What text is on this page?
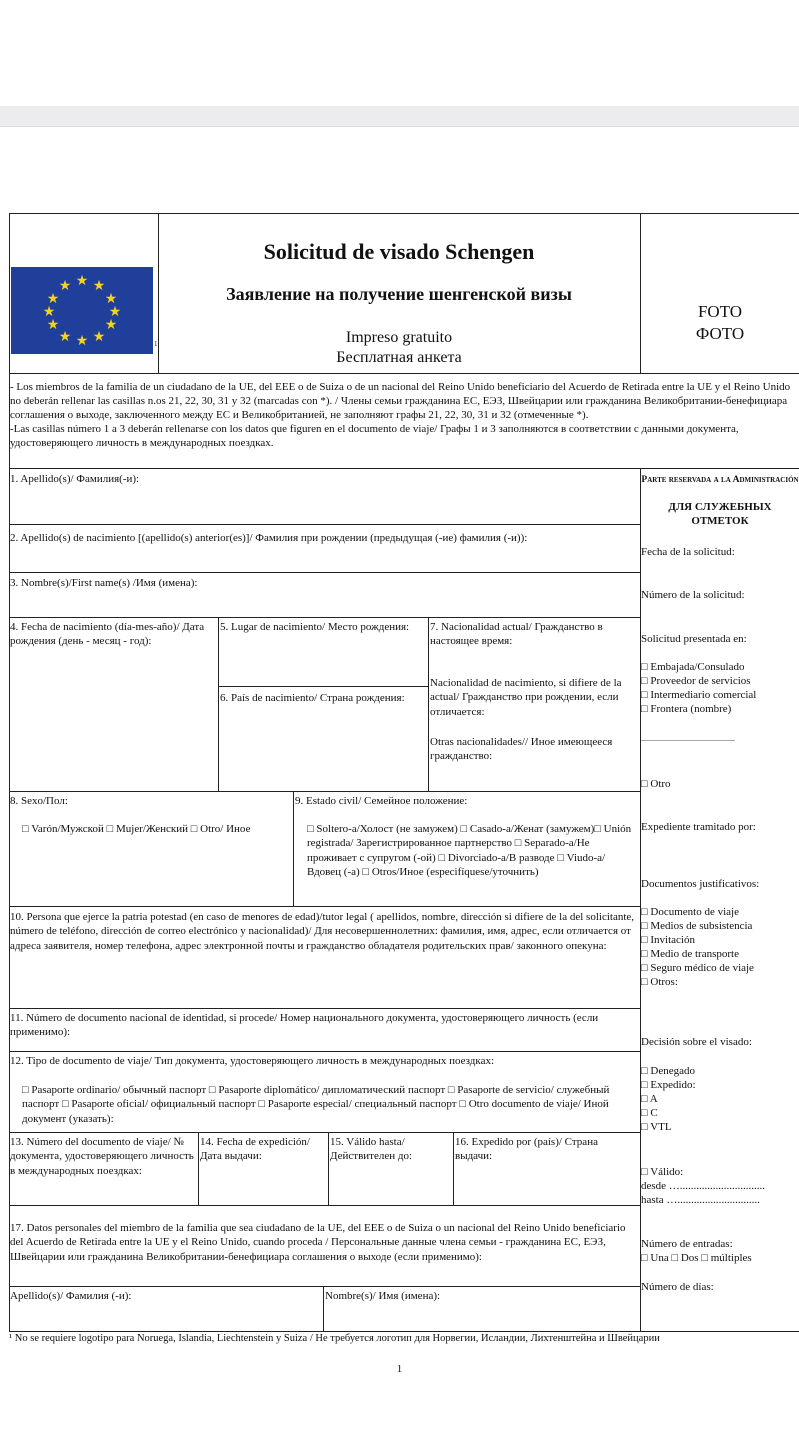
★ ★
★
★
★
★
★
★
★
★
★
★
1
Solicitud de visado Schengen
Заявление на получение шенгенской визы
Impreso gratuito
Бесплатная анкета
FOTO
ФОТО
- Los miembros de la familia de un ciudadano de la UE, del EEE o de Suiza o de un nacional del Reino Unido beneficiario del Acuerdo de Retirada entre la UE y el Reino Unido no deberán rellenar las casillas n.os 21, 22, 30, 31 y 32 (marcadas con *). / Члены семьи гражданина ЕС, ЕЭЗ, Швейцарии или гражданина Великобритании-бенефициара соглашения о выходе, заключенного между ЕС и Великобританией, не заполняют графы 21, 22, 30, 31 и 32 (отмеченные *).
-Las casillas número 1 a 3 deberán rellenarse con los datos que figuren en el documento de viaje/ Графы 1 и 3 заполняются в соответствии с данными документа, удостоверяющего личность в международных поездках.
1. Apellido(s)/ Фамилия(-и):
2. Apellido(s) de nacimiento [(apellido(s) anterior(es)]/ Фамилия при рождении (предыдущая (-ие) фамилия (-и)):
3. Nombre(s)/First name(s) /Имя (имена):
4. Fecha de nacimiento (día-mes-año)/ Дата рождения (день - месяц - год):
5. Lugar de nacimiento/ Место рождения:
6. País de nacimiento/ Страна рождения:
7. Nacionalidad actual/ Гражданство в настоящее время:
Nacionalidad de nacimiento, si difiere de la actual/ Гражданство при рождении, если отличается:
Otras nacionalidades// Иное имеющееся гражданство:
8. Sexo/Пол:
□ Varón/Мужской □ Mujer/Женский □ Otro/ Иное
9. Estado civil/ Семейное положение:
□ Soltero-a/Холост (не замужем) □ Casado-a/Женат (замужем)□ Unión registrada/ Зарегистрированное партнерство □ Separado-a/Не проживает с супругом (-ой) □ Divorciado-a/В разводе □ Viudo-a/Вдовец (-а) □ Otros/Иное (especifíquese/уточнить)
10. Persona que ejerce la patria potestad (en caso de menores de edad)/tutor legal ( apellidos, nombre, dirección si difiere de la del solicitante, número de teléfono, dirección de correo electrónico y nacionalidad)/ Для несовершеннолетних: фамилия, имя, адрес, если отличается от адреса заявителя, номер телефона, адрес электронной почты и гражданство обладателя родительских прав/ законного опекуна:
11. Número de documento nacional de identidad, si procede/ Номер национального документа, удостоверяющего личность (если применимо):
12. Tipo de documento de viaje/ Тип документа, удостоверяющего личность в международных поездках:
□ Pasaporte ordinario/ обычный паспорт □ Pasaporte diplomático/ дипломатический паспорт □ Pasaporte de servicio/ служебный паспорт □ Pasaporte oficial/ официальный паспорт □ Pasaporte especial/ специальный паспорт □ Otro documento de viaje/ Иной документ (указать):
13. Número del documento de viaje/ № документа, удостоверяющего личность в международных поездках:
14. Fecha de expedición/ Дата выдачи:
15. Válido hasta/ Действителен до:
16. Expedido por (país)/ Страна выдачи:
17. Datos personales del miembro de la familia que sea ciudadano de la UE, del EEE o de Suiza o un nacional del Reino Unido beneficiario del Acuerdo de Retirada entre la UE y el Reino Unido, cuando proceda / Персональные данные члена семьи - гражданина ЕС, ЕЭЗ, Швейцарии или гражданина Великобритании-бенефициара соглашения о выходе (если применимо):
Apellido(s)/ Фамилия (-и):	Nombre(s)/ Имя (имена):
Parte reservada a la Administración
ДЛЯ СЛУЖЕБНЫХ ОТМЕТОК
Fecha de la solicitud:
Número de la solicitud:
Solicitud presentada en:
□ Embajada/Consulado
□ Proveedor de servicios
□ Intermediario comercial
□ Frontera (nombre)
...............................................
□ Otro
Expediente tramitado por:
Documentos justificativos:
□ Documento de viaje
□ Medios de subsistencia
□ Invitación
□ Medio de transporte
□ Seguro médico de viaje
□ Otros:
Decisión sobre el visado:
□ Denegado
□ Expedido:
□ A
□ C
□ VTL
□ Válido:
desde …...............................
hasta …..............................
Número de entradas:
□ Una □ Dos □ múltiples
Número de días:
¹ No se requiere logotipo para Noruega, Islandia, Liechtenstein y Suiza / Не требуется логотип для Норвегии, Исландии, Лихтенштейна и Швейцарии
1
